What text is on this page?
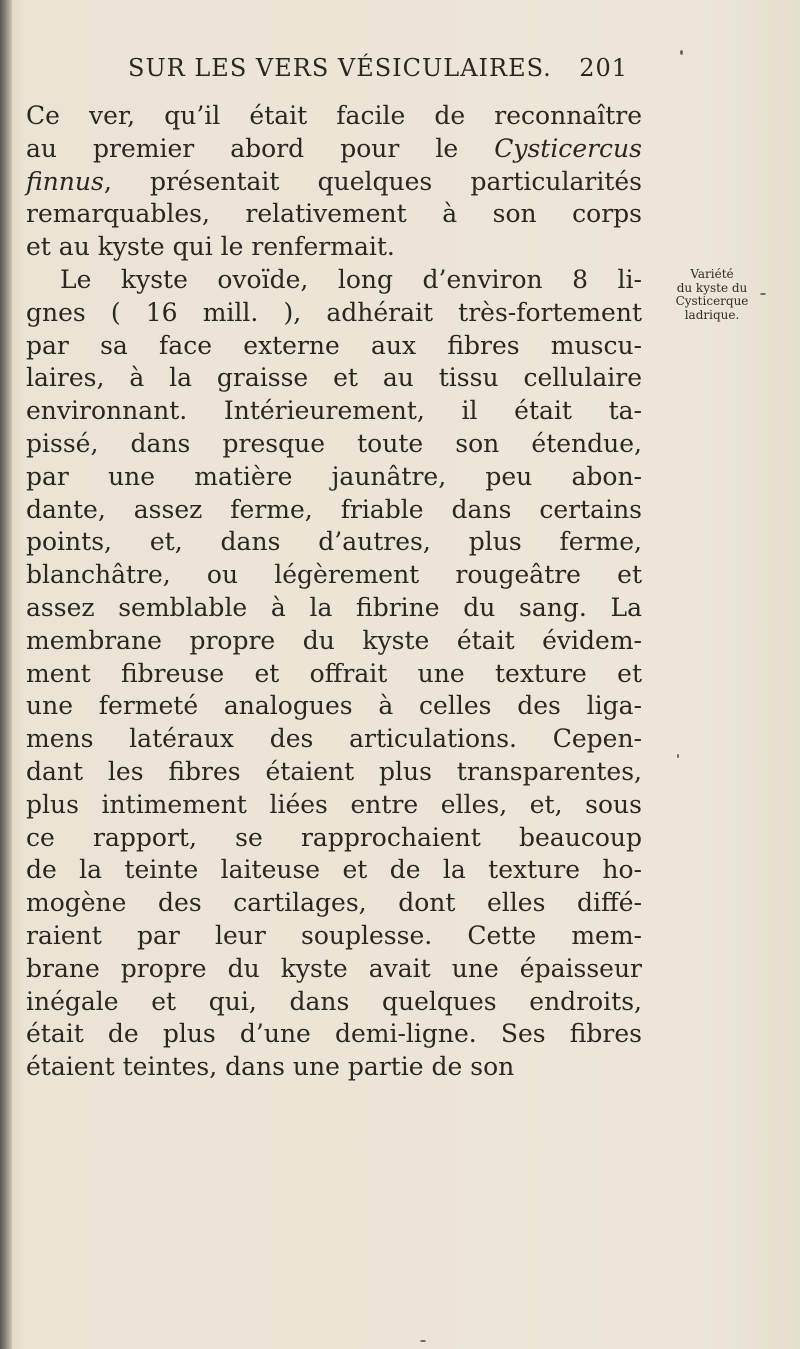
SUR LES VERS VÉSICULAIRES. 201
Ce ver, qu’il était facile de reconnaître
au premier abord pour le Cysticercus
finnus, présentait quelques particularités
remarquables, relativement à son corps
et au kyste qui le renfermait.
Le kyste ovoïde, long d’environ 8 li-
gnes ( 16 mill. ), adhérait très-fortement
par sa face externe aux fibres muscu-
laires, à la graisse et au tissu cellulaire
environnant. Intérieurement, il était ta-
pissé, dans presque toute son étendue,
par une matière jaunâtre, peu abon-
dante, assez ferme, friable dans certains
points, et, dans d’autres, plus ferme,
blanchâtre, ou légèrement rougeâtre et
assez semblable à la fibrine du sang. La
membrane propre du kyste était évidem-
ment fibreuse et offrait une texture et
une fermeté analogues à celles des liga-
mens latéraux des articulations. Cepen-
dant les fibres étaient plus transparentes,
plus intimement liées entre elles, et, sous
ce rapport, se rapprochaient beaucoup
de la teinte laiteuse et de la texture ho-
mogène des cartilages, dont elles diffé-
raient par leur souplesse. Cette mem-
brane propre du kyste avait une épaisseur
inégale et qui, dans quelques endroits,
était de plus d’une demi-ligne. Ses fibres
étaient teintes, dans une partie de son
Variété
du kyste du
Cysticerque
ladrique.
